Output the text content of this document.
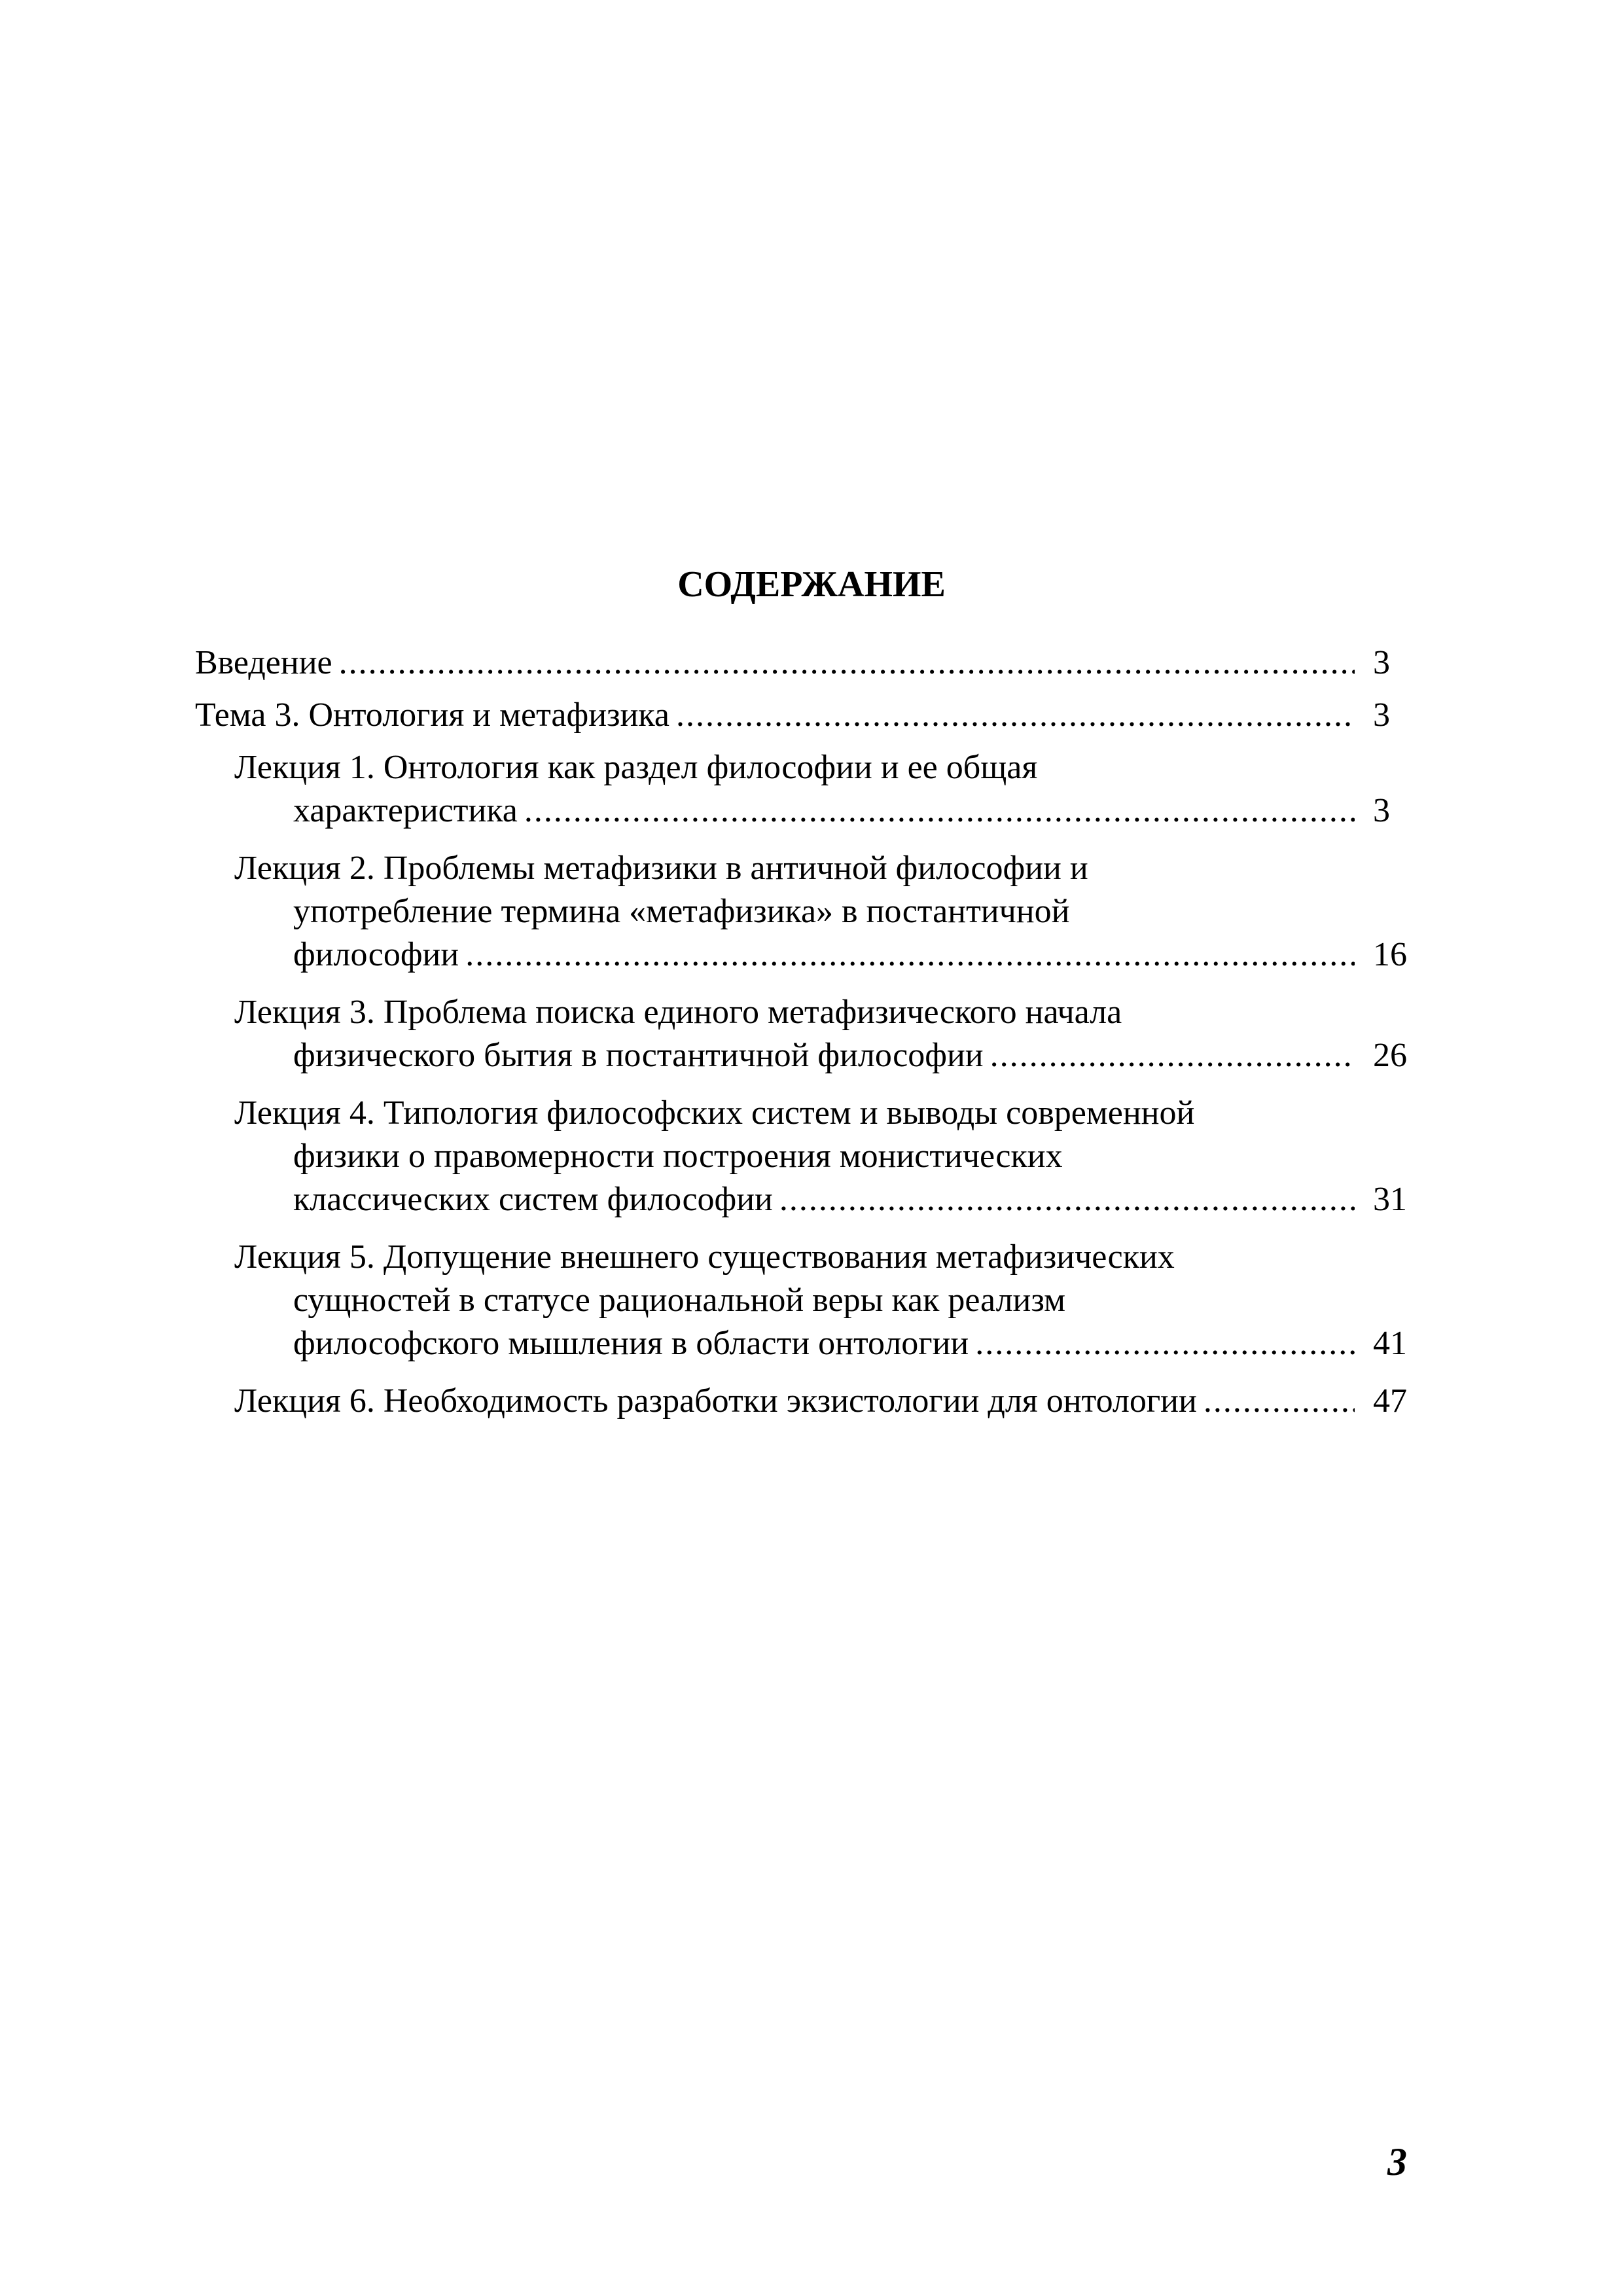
СОДЕРЖАНИЕ
Введение .....	3
Тема 3. Онтология и метафизика .....	3
Лекция 1. Онтология как раздел философии и ее общая
характеристика .....	3
Лекция 2. Проблемы метафизики в античной философии и
употребление термина «метафизика» в постантичной
философии .....	16
Лекция 3. Проблема поиска единого метафизического начала
физического бытия в постантичной философии .....	26
Лекция 4. Типология философских систем и выводы современной
физики о правомерности построения монистических
классических систем философии .....	31
Лекция 5. Допущение внешнего существования метафизических
сущностей в статусе рациональной веры как реализм
философского мышления в области онтологии .....	41
Лекция 6. Необходимость разработки экзистологии для онтологии .....	47
3
